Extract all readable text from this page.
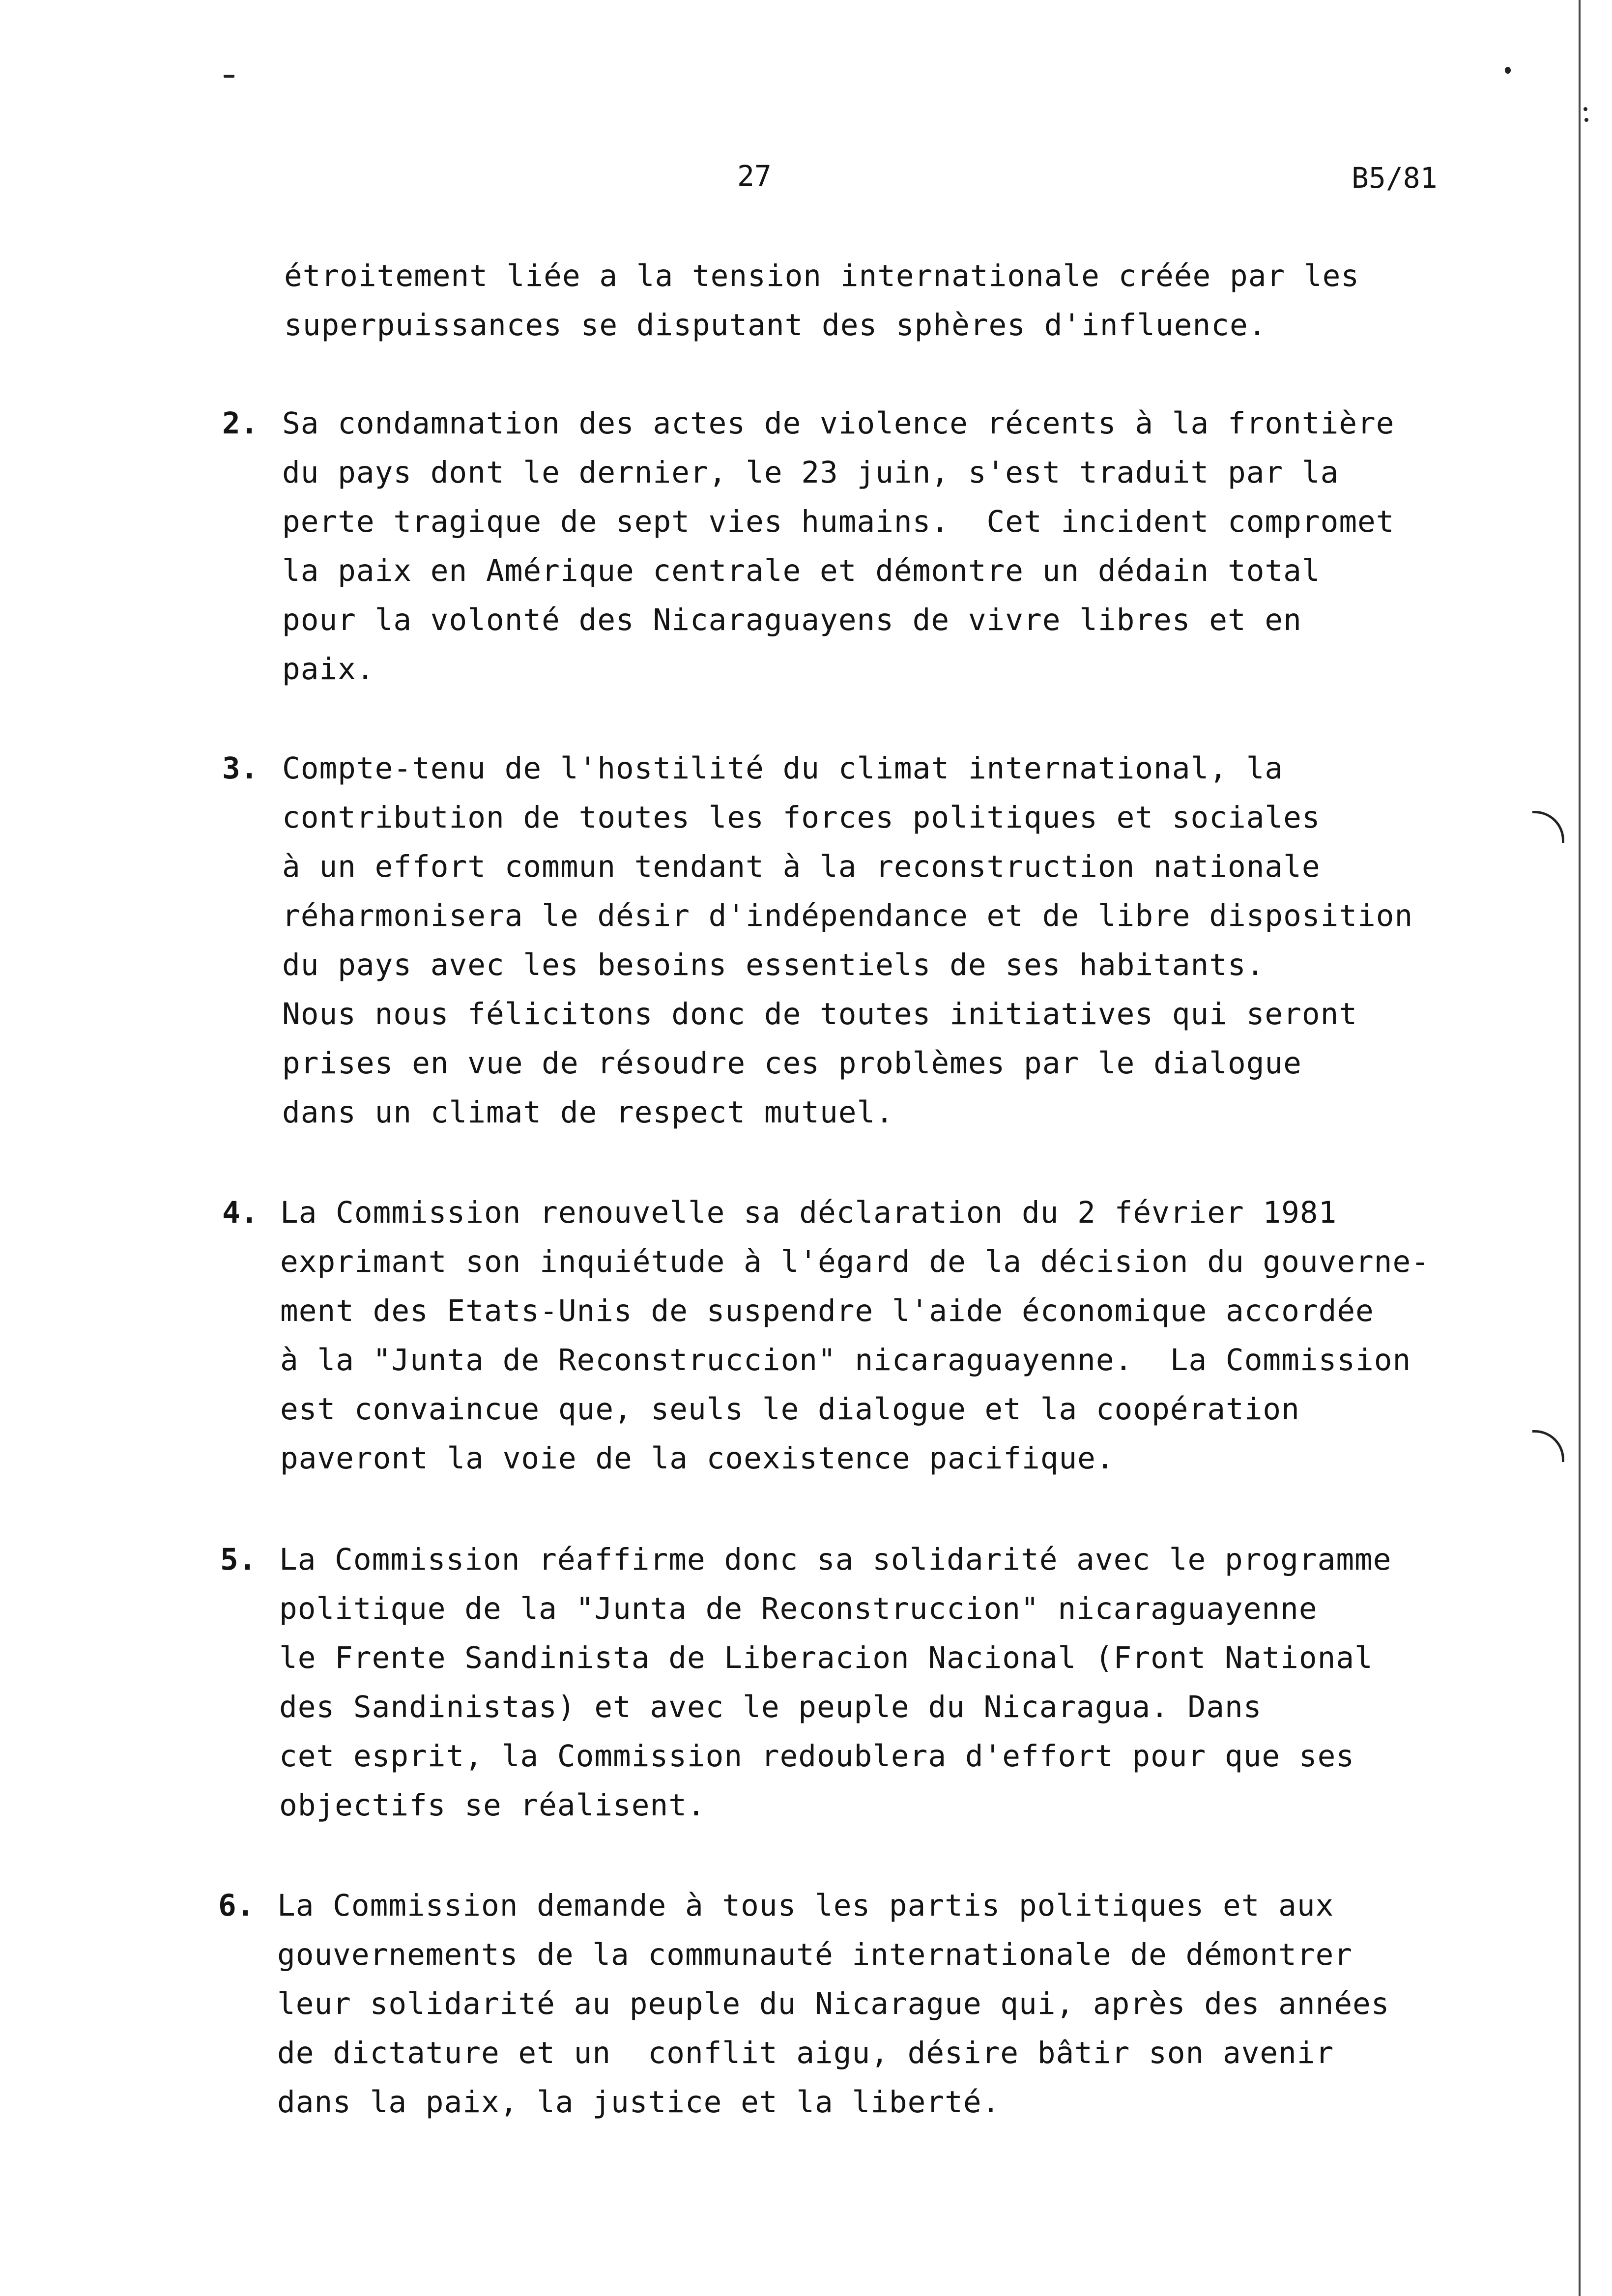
27	B5/81
étroitement liée a la tension internationale créée par les
superpuissances se disputant des sphères d'influence.
2. Sa condamnation des actes de violence récents à la frontière
du pays dont le dernier, le 23 juin, s'est traduit par la
perte tragique de sept vies humains.  Cet incident compromet
la paix en Amérique centrale et démontre un dédain total
pour la volonté des Nicaraguayens de vivre libres et en
paix.
3. Compte-tenu de l'hostilité du climat international, la
contribution de toutes les forces politiques et sociales
à un effort commun tendant à la reconstruction nationale
réharmonisera le désir d'indépendance et de libre disposition
du pays avec les besoins essentiels de ses habitants.
Nous nous félicitons donc de toutes initiatives qui seront
prises en vue de résoudre ces problèmes par le dialogue
dans un climat de respect mutuel.
4. La Commission renouvelle sa déclaration du 2 février 1981
exprimant son inquiétude à l'égard de la décision du gouverne-
ment des Etats-Unis de suspendre l'aide économique accordée
à la "Junta de Reconstruccion" nicaraguayenne.  La Commission
est convaincue que, seuls le dialogue et la coopération
paveront la voie de la coexistence pacifique.
5. La Commission réaffirme donc sa solidarité avec le programme
politique de la "Junta de Reconstruccion" nicaraguayenne
le Frente Sandinista de Liberacion Nacional (Front National
des Sandinistas) et avec le peuple du Nicaragua. Dans
cet esprit, la Commission redoublera d'effort pour que ses
objectifs se réalisent.
6. La Commission demande à tous les partis politiques et aux
gouvernements de la communauté internationale de démontrer
leur solidarité au peuple du Nicarague qui, après des années
de dictature et un  conflit aigu, désire bâtir son avenir
dans la paix, la justice et la liberté.
